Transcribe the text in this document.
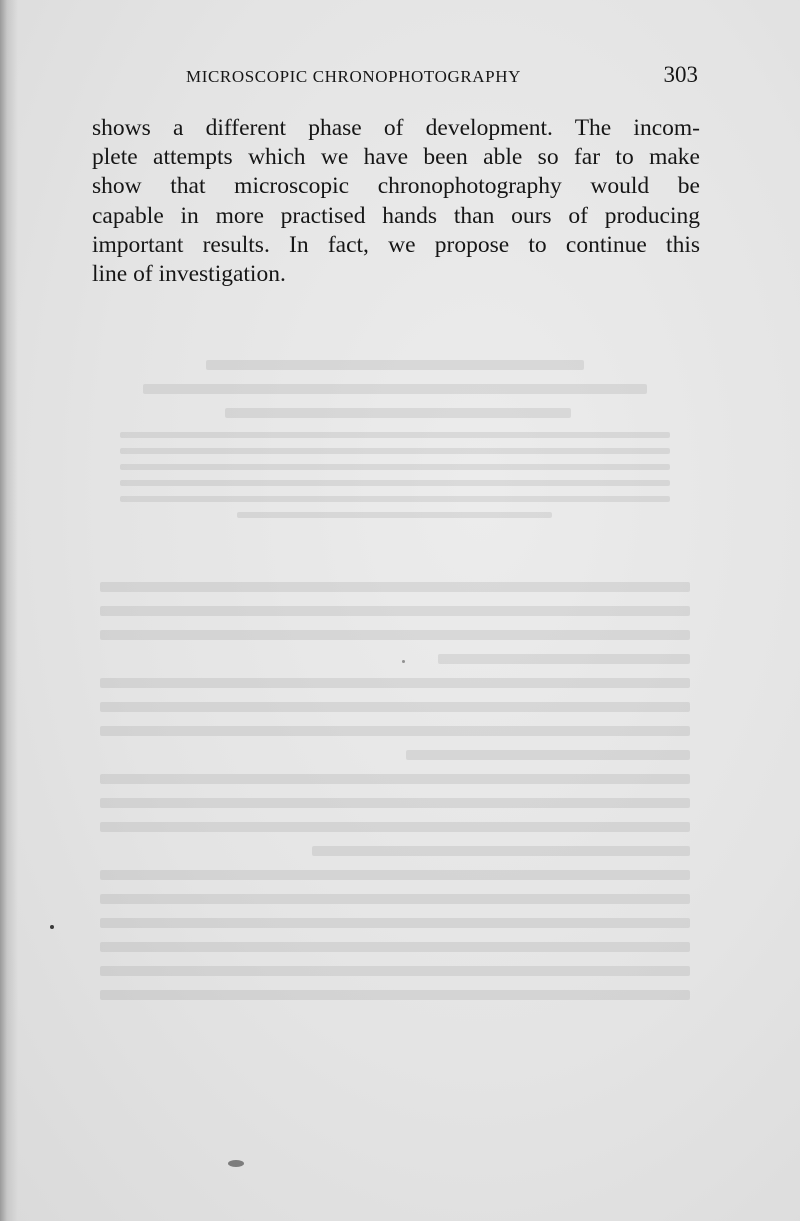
MICROSCOPIC CHRONOPHOTOGRAPHY	303
shows a different phase of development. The incom-
plete attempts which we have been able so far to make
show that microscopic chronophotography would be
capable in more practised hands than ours of producing
important results. In fact, we propose to continue this
line of investigation.
